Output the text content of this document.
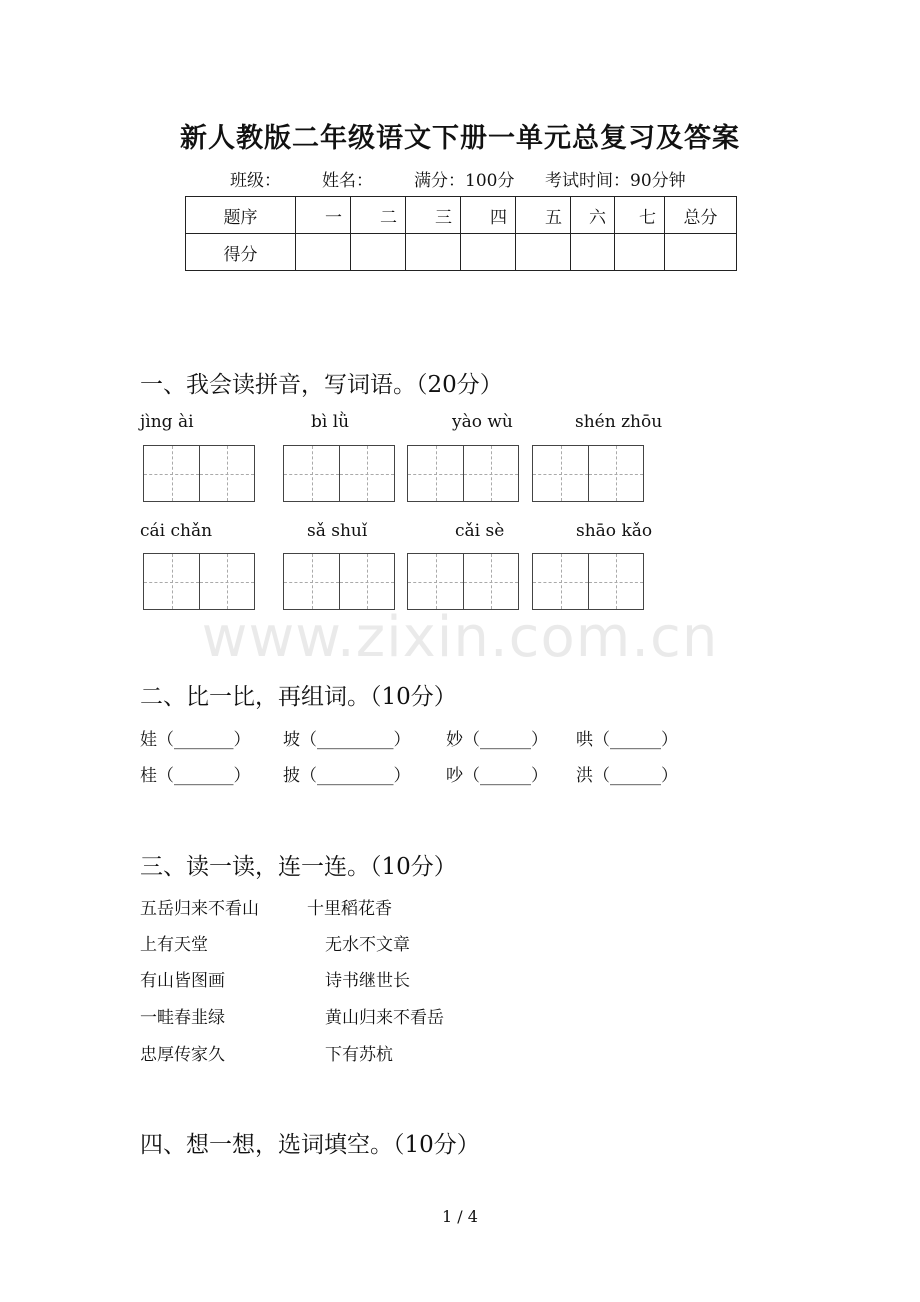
新人教版二年级语文下册一单元总复习及答案
班级： 姓名： 满分：100分 考试时间：90分钟
题序	一	二	三	四	五	六	七	总分
得分								
一、我会读拼音，写词语。（20分）
jìng ài	bì lǜ	yào wù	shén zhōu
cái chǎn	sǎ shuǐ	cǎi sè	shāo kǎo
www.zixin.com.cn
二、比一比，再组词。（10分）
娃（_______） 坡（_________） 妙（______） 哄（______）
桂（_______） 披（_________） 吵（______） 洪（______）
三、读一读，连一连。（10分）
五岳归来不看山
上有天堂
有山皆图画
一畦春韭绿
忠厚传家久
十里稻花香
无水不文章
诗书继世长
黄山归来不看岳
下有苏杭
四、想一想，选词填空。（10分）
1 / 4
